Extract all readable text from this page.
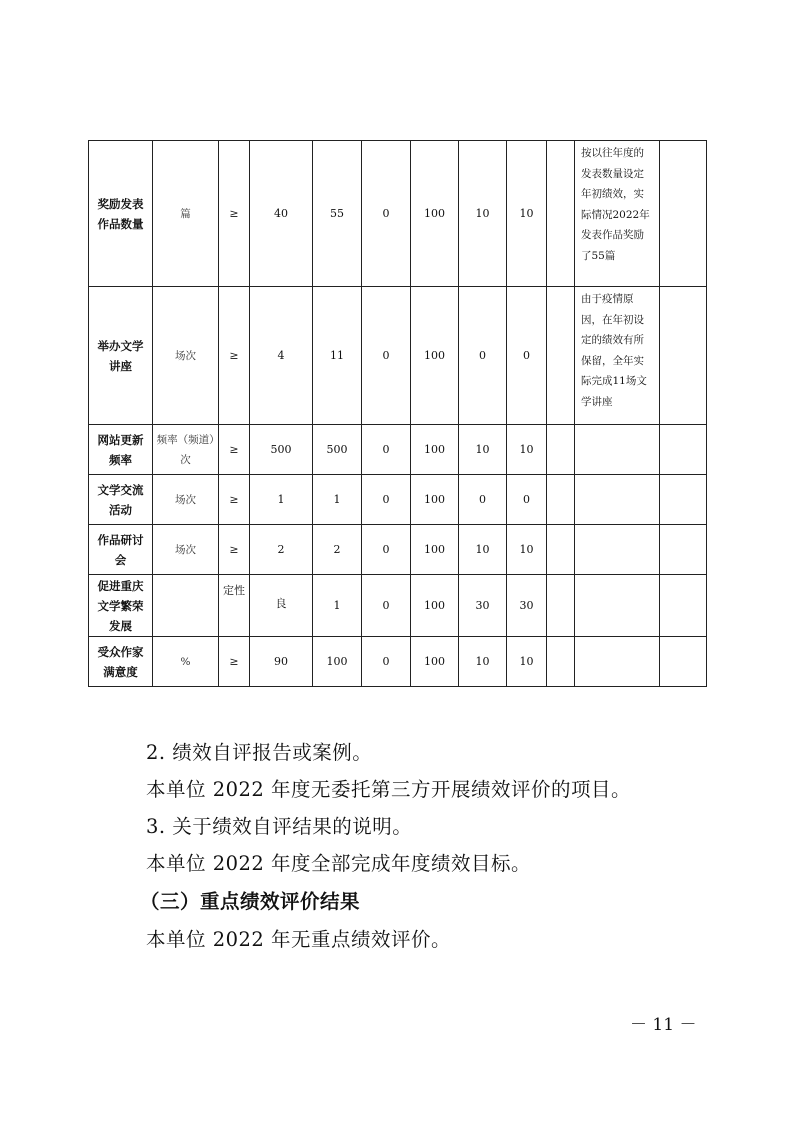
奖励发表作品数量	篇	≥	40	55	0	100	10	10		按以往年度的发表数量设定年初绩效，实际情况2022年发表作品奖励了55篇	
举办文学讲座	场次	≥	4	11	0	100	0	0		由于疫情原因，在年初设定的绩效有所保留，全年实际完成11场文学讲座	
网站更新频率	频率（频道）次	≥	500	500	0	100	10	10			
文学交流活动	场次	≥	1	1	0	100	0	0			
作品研讨会	场次	≥	2	2	0	100	10	10			
促进重庆文学繁荣发展		定性	良	1	0	100	30	30			
受众作家满意度	%	≥	90	100	0	100	10	10			
2. 绩效自评报告或案例。
本单位 2022 年度无委托第三方开展绩效评价的项目。
3. 关于绩效自评结果的说明。
本单位 2022 年度全部完成年度绩效目标。
（三）重点绩效评价结果
本单位 2022 年无重点绩效评价。
－ 11 －
